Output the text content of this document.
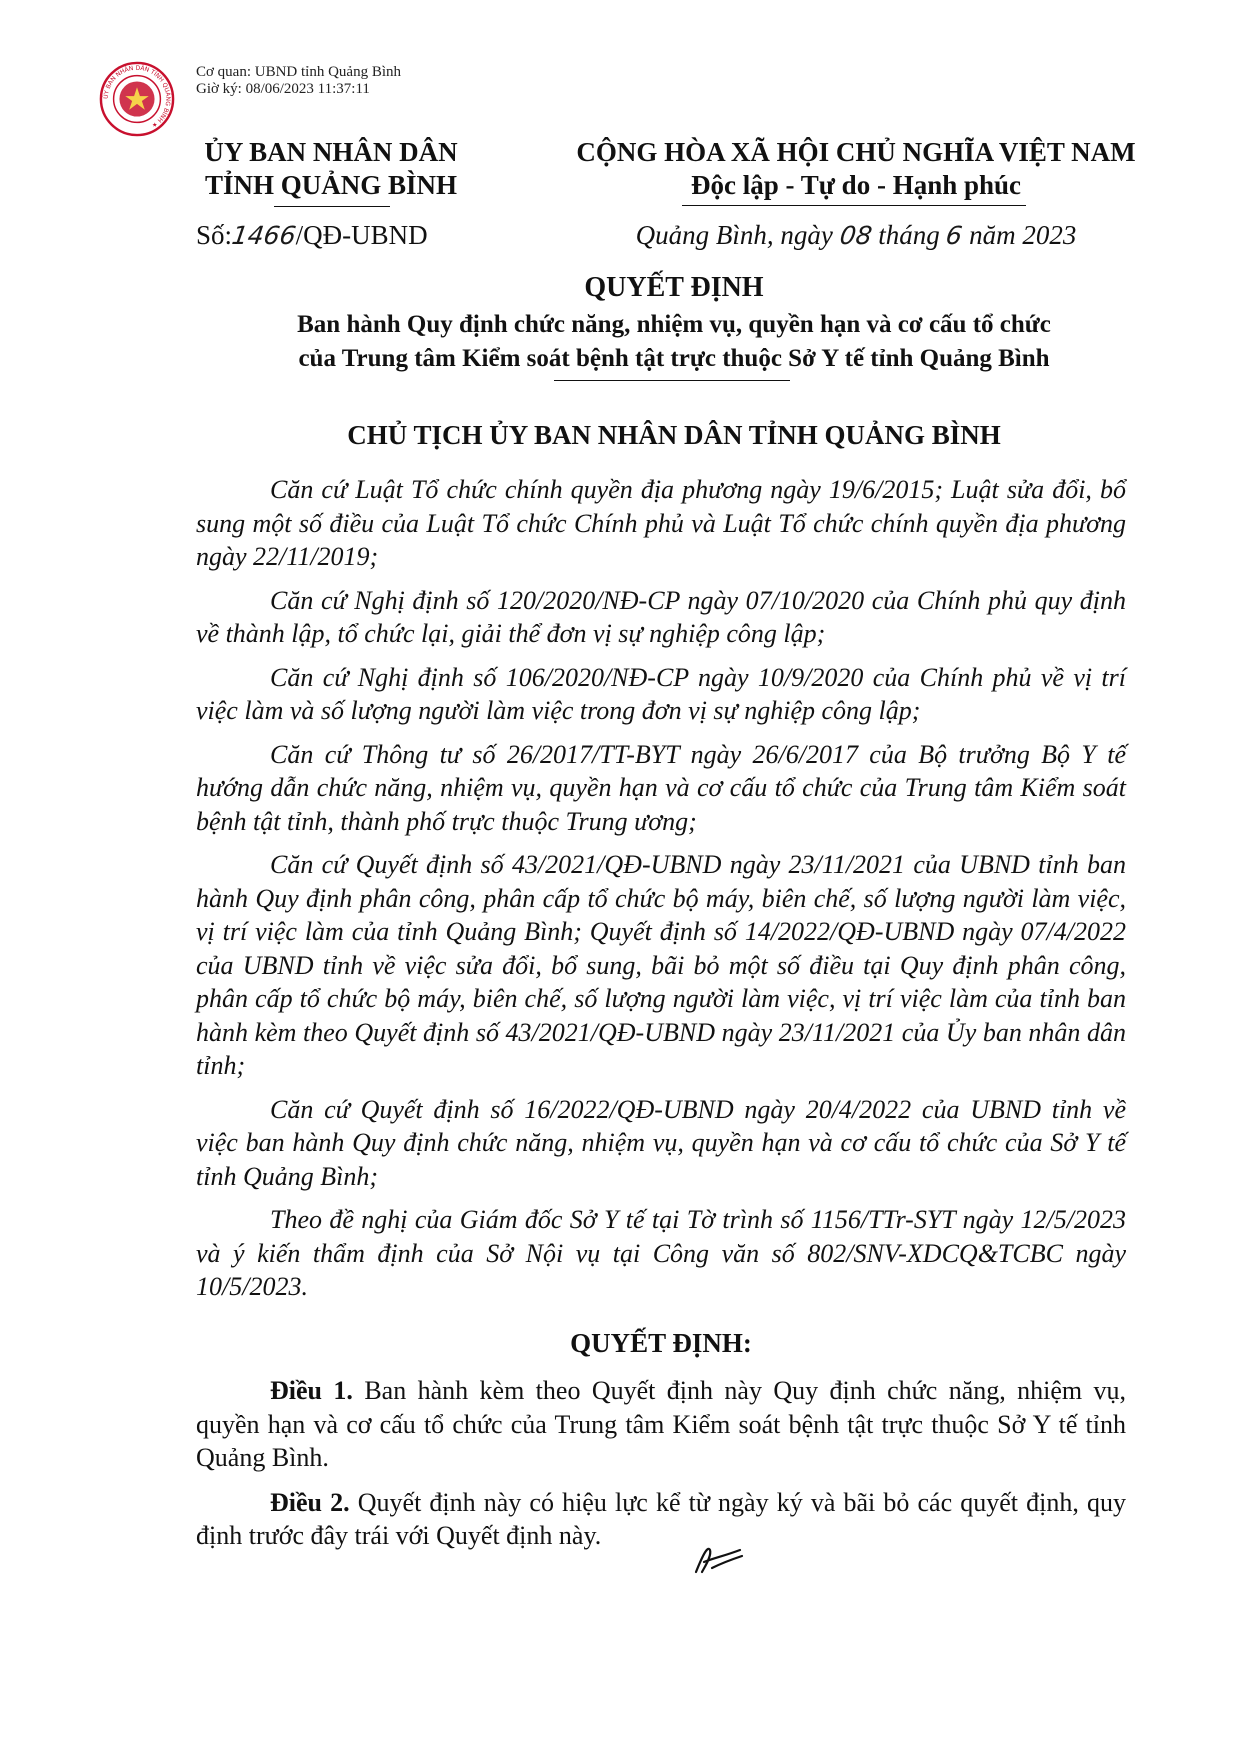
ỦY BAN NHÂN DÂN TỈNH QUẢNG BÌNH ★
Cơ quan: UBND tỉnh Quảng Bình
Giờ ký: 08/06/2023 11:37:11
ỦY BAN NHÂN DÂN
TỈNH QUẢNG BÌNH
CỘNG HÒA XÃ HỘI CHỦ NGHĨA VIỆT NAM
Độc lập - Tự do - Hạnh phúc
Số:1466/QĐ-UBND	Quảng Bình, ngày 08 tháng 6 năm 2023
QUYẾT ĐỊNH
Ban hành Quy định chức năng, nhiệm vụ, quyền hạn và cơ cấu tổ chức
của Trung tâm Kiểm soát bệnh tật trực thuộc Sở Y tế tỉnh Quảng Bình
CHỦ TỊCH ỦY BAN NHÂN DÂN TỈNH QUẢNG BÌNH

Căn cứ Luật Tổ chức chính quyền địa phương ngày 19/6/2015; Luật sửa đổi, bổ sung một số điều của Luật Tổ chức Chính phủ và Luật Tổ chức chính quyền địa phương ngày 22/11/2019;

Căn cứ Nghị định số 120/2020/NĐ-CP ngày 07/10/2020 của Chính phủ quy định về thành lập, tổ chức lại, giải thể đơn vị sự nghiệp công lập;

Căn cứ Nghị định số 106/2020/NĐ-CP ngày 10/9/2020 của Chính phủ về vị trí việc làm và số lượng người làm việc trong đơn vị sự nghiệp công lập;

Căn cứ Thông tư số 26/2017/TT-BYT ngày 26/6/2017 của Bộ trưởng Bộ Y tế hướng dẫn chức năng, nhiệm vụ, quyền hạn và cơ cấu tổ chức của Trung tâm Kiểm soát bệnh tật tỉnh, thành phố trực thuộc Trung ương;

Căn cứ Quyết định số 43/2021/QĐ-UBND ngày 23/11/2021 của UBND tỉnh ban hành Quy định phân công, phân cấp tổ chức bộ máy, biên chế, số lượng người làm việc, vị trí việc làm của tỉnh Quảng Bình; Quyết định số 14/2022/QĐ-UBND ngày 07/4/2022 của UBND tỉnh về việc sửa đổi, bổ sung, bãi bỏ một số điều tại Quy định phân công, phân cấp tổ chức bộ máy, biên chế, số lượng người làm việc, vị trí việc làm của tỉnh ban hành kèm theo Quyết định số 43/2021/QĐ-UBND ngày 23/11/2021 của Ủy ban nhân dân tỉnh;

Căn cứ Quyết định số 16/2022/QĐ-UBND ngày 20/4/2022 của UBND tỉnh về việc ban hành Quy định chức năng, nhiệm vụ, quyền hạn và cơ cấu tổ chức của Sở Y tế tỉnh Quảng Bình;

Theo đề nghị của Giám đốc Sở Y tế tại Tờ trình số 1156/TTr-SYT ngày 12/5/2023 và ý kiến thẩm định của Sở Nội vụ tại Công văn số 802/SNV-XDCQ&TCBC ngày 10/5/2023.

QUYẾT ĐỊNH:

Điều 1. Ban hành kèm theo Quyết định này Quy định chức năng, nhiệm vụ, quyền hạn và cơ cấu tổ chức của Trung tâm Kiểm soát bệnh tật trực thuộc Sở Y tế tỉnh Quảng Bình.

Điều 2. Quyết định này có hiệu lực kể từ ngày ký và bãi bỏ các quyết định, quy định trước đây trái với Quyết định này.
